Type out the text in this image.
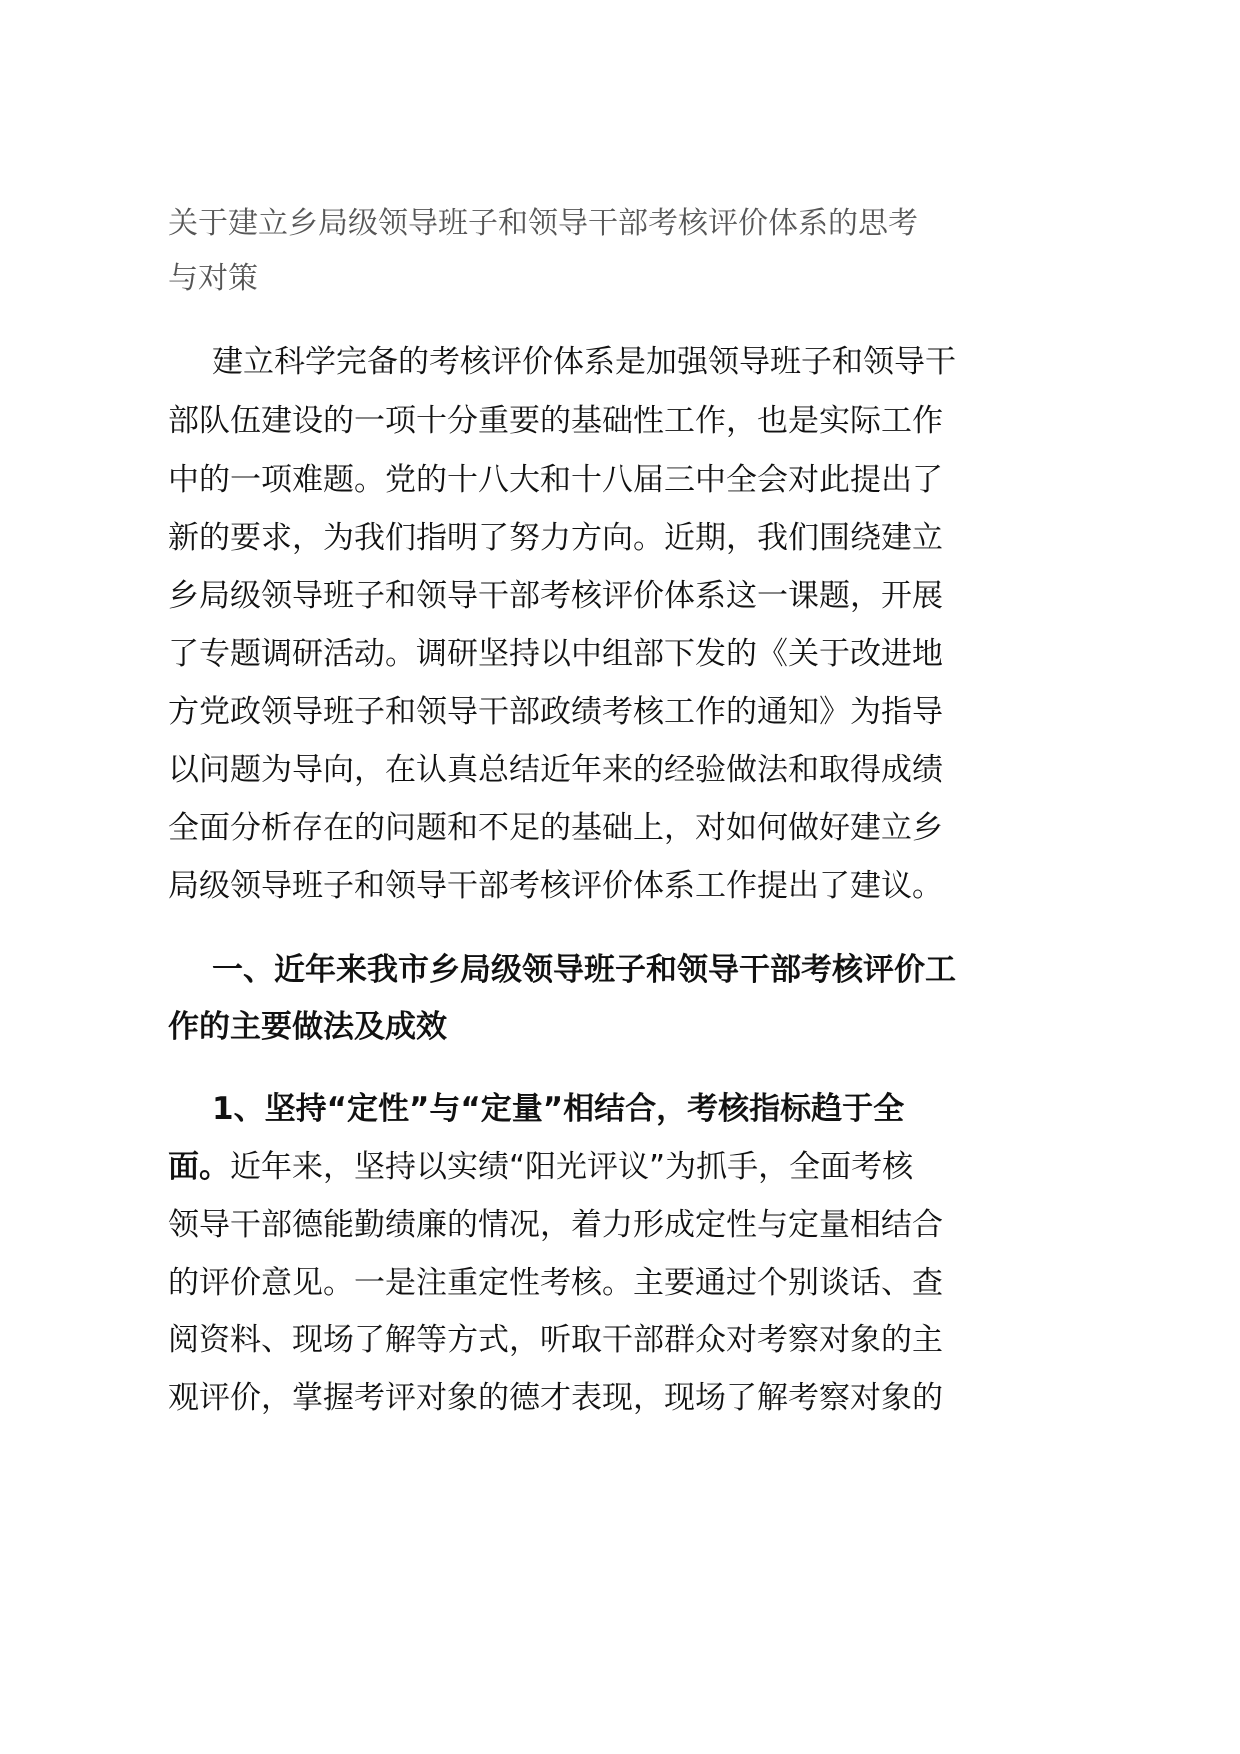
关于建立乡局级领导班子和领导干部考核评价体系的思考
与对策
建立科学完备的考核评价体系是加强领导班子和领导干
部队伍建设的一项十分重要的基础性工作，也是实际工作
中的一项难题。党的十八大和十八届三中全会对此提出了
新的要求，为我们指明了努力方向。近期，我们围绕建立
乡局级领导班子和领导干部考核评价体系这一课题，开展
了专题调研活动。调研坚持以中组部下发的《关于改进地
方党政领导班子和领导干部政绩考核工作的通知》为指导
以问题为导向，在认真总结近年来的经验做法和取得成绩
全面分析存在的问题和不足的基础上，对如何做好建立乡
局级领导班子和领导干部考核评价体系工作提出了建议。
一、近年来我市乡局级领导班子和领导干部考核评价工
作的主要做法及成效
1、坚持“定性”与“定量”相结合，考核指标趋于全
面。近年来，坚持以实绩“阳光评议”为抓手，全面考核
领导干部德能勤绩廉的情况，着力形成定性与定量相结合
的评价意见。一是注重定性考核。主要通过个别谈话、查
阅资料、现场了解等方式，听取干部群众对考察对象的主
观评价，掌握考评对象的德才表现，现场了解考察对象的
